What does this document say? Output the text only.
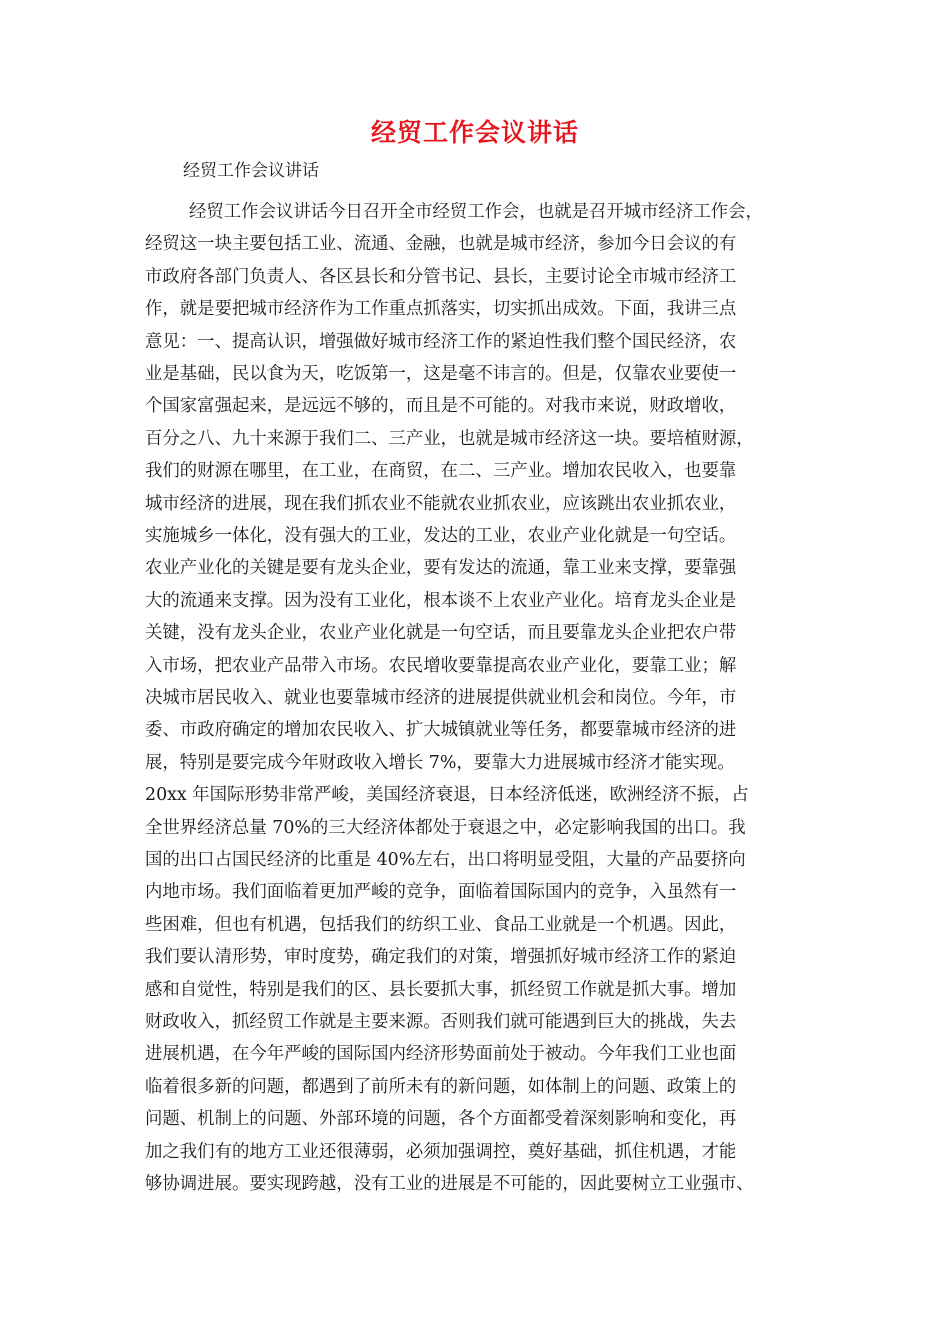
经贸工作会议讲话
经贸工作会议讲话
经贸工作会议讲话今日召开全市经贸工作会，也就是召开城市经济工作会，
经贸这一块主要包括工业、流通、金融，也就是城市经济，参加今日会议的有
市政府各部门负责人、各区县长和分管书记、县长，主要讨论全市城市经济工
作，就是要把城市经济作为工作重点抓落实，切实抓出成效。下面，我讲三点
意见：一、提高认识，增强做好城市经济工作的紧迫性我们整个国民经济，农
业是基础，民以食为天，吃饭第一，这是毫不讳言的。但是，仅靠农业要使一
个国家富强起来，是远远不够的，而且是不可能的。对我市来说，财政增收，
百分之八、九十来源于我们二、三产业，也就是城市经济这一块。要培植财源，
我们的财源在哪里，在工业，在商贸，在二、三产业。增加农民收入，也要靠
城市经济的进展，现在我们抓农业不能就农业抓农业，应该跳出农业抓农业，
实施城乡一体化，没有强大的工业，发达的工业，农业产业化就是一句空话。
农业产业化的关键是要有龙头企业，要有发达的流通，靠工业来支撑，要靠强
大的流通来支撑。因为没有工业化，根本谈不上农业产业化。培育龙头企业是
关键，没有龙头企业，农业产业化就是一句空话，而且要靠龙头企业把农户带
入市场，把农业产品带入市场。农民增收要靠提高农业产业化，要靠工业；解
决城市居民收入、就业也要靠城市经济的进展提供就业机会和岗位。今年，市
委、市政府确定的增加农民收入、扩大城镇就业等任务，都要靠城市经济的进
展，特别是要完成今年财政收入增长 7%，要靠大力进展城市经济才能实现。
20xx 年国际形势非常严峻，美国经济衰退，日本经济低迷，欧洲经济不振，占
全世界经济总量 70%的三大经济体都处于衰退之中，必定影响我国的出口。我
国的出口占国民经济的比重是 40%左右，出口将明显受阻，大量的产品要挤向
内地市场。我们面临着更加严峻的竞争，面临着国际国内的竞争，入虽然有一
些困难，但也有机遇，包括我们的纺织工业、食品工业就是一个机遇。因此，
我们要认清形势，审时度势，确定我们的对策，增强抓好城市经济工作的紧迫
感和自觉性，特别是我们的区、县长要抓大事，抓经贸工作就是抓大事。增加
财政收入，抓经贸工作就是主要来源。否则我们就可能遇到巨大的挑战，失去
进展机遇，在今年严峻的国际国内经济形势面前处于被动。今年我们工业也面
临着很多新的问题，都遇到了前所未有的新问题，如体制上的问题、政策上的
问题、机制上的问题、外部环境的问题，各个方面都受着深刻影响和变化，再
加之我们有的地方工业还很薄弱，必须加强调控，奠好基础，抓住机遇，才能
够协调进展。要实现跨越，没有工业的进展是不可能的，因此要树立工业强市、
